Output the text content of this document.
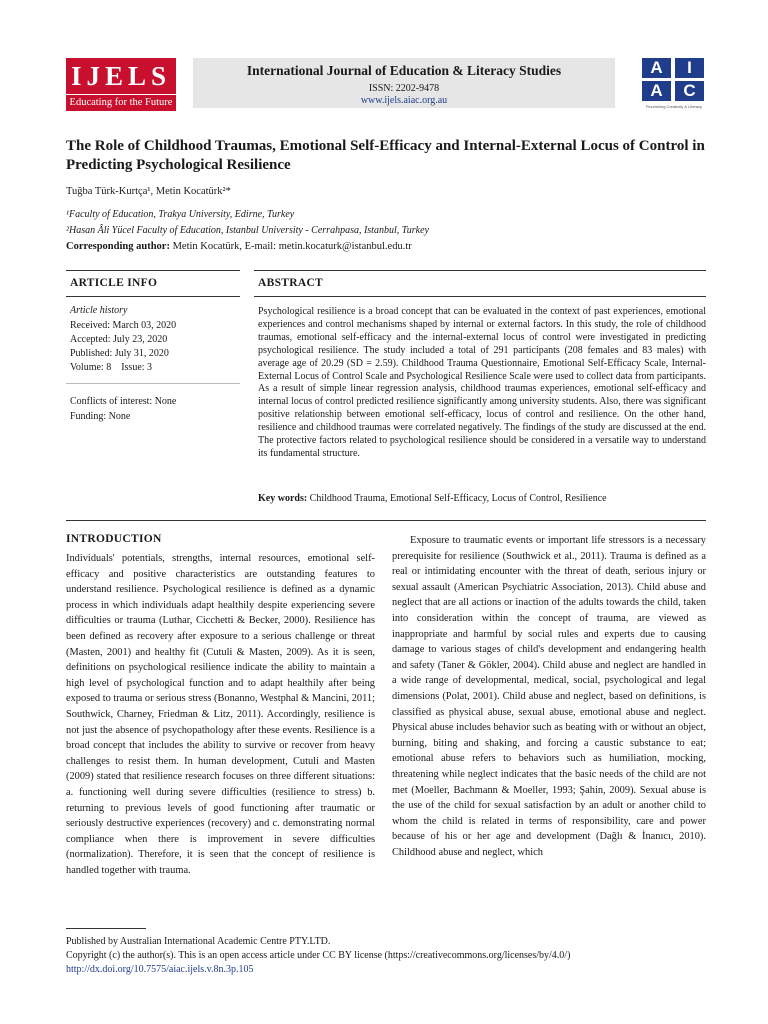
IJELS
Educating for the Future
International Journal of Education & Literacy Studies
ISSN: 2202-9478
www.ijels.aiac.org.au
A	I
A	C
Flourishing Creativity & Literacy
The Role of Childhood Traumas, Emotional Self-Efficacy and Internal-External Locus of Control in Predicting Psychological Resilience
Tuğba Türk-Kurtça¹, Metin Kocatürk²*
¹Faculty of Education, Trakya University, Edirne, Turkey
²Hasan Âli Yücel Faculty of Education, Istanbul University - Cerrahpasa, Istanbul, Turkey
Corresponding author: Metin Kocatürk, E-mail: metin.kocaturk@istanbul.edu.tr
ARTICLE INFO
Article history
Received: March 03, 2020
Accepted: July 23, 2020
Published: July 31, 2020
Volume: 8    Issue: 3
Conflicts of interest: None
Funding: None
ABSTRACT
Psychological resilience is a broad concept that can be evaluated in the context of past experiences, emotional experiences and control mechanisms shaped by internal or external factors. In this study, the role of childhood traumas, emotional self-efficacy and the internal-external locus of control were investigated in predicting psychological resilience. The study included a total of 291 participants (208 females and 83 males) with average age of 20.29 (SD = 2.59). Childhood Trauma Questionnaire, Emotional Self-Efficacy Scale, Internal-External Locus of Control Scale and Psychological Resilience Scale were used to collect data from participants. As a result of simple linear regression analysis, childhood traumas experiences, emotional self-efficacy and internal locus of control predicted resilience significantly among university students. Also, there was significant positive relationship between emotional self-efficacy, locus of control and resilience. On the other hand, resilience and childhood traumas were correlated negatively. The findings of the study are discussed at the end. The protective factors related to psychological resilience should be considered in a versatile way to understand its fundamental structure.
Key words: Childhood Trauma, Emotional Self-Efficacy, Locus of Control, Resilience
INTRODUCTION
Individuals' potentials, strengths, internal resources, emotional self-efficacy and positive characteristics are outstanding features to understand resilience. Psychological resilience is defined as a dynamic process in which individuals adapt healthily despite experiencing severe difficulties or trauma (Luthar, Cicchetti & Becker, 2000). Resilience has been defined as recovery after exposure to a serious challenge or threat (Masten, 2001) and healthy fit (Cutuli & Masten, 2009). As it is seen, definitions on psychological resilience indicate the ability to maintain a high level of psychological function and to adapt healthily after being exposed to trauma or serious stress (Bonanno, Westphal & Mancini, 2011; Southwick, Charney, Friedman & Litz, 2011). Accordingly, resilience is not just the absence of psychopathology after these events. Resilience is a broad concept that includes the ability to survive or recover from heavy challenges to resist them. In human development, Cutuli and Masten (2009) stated that resilience research focuses on three different situations: a. functioning well during severe difficulties (resilience to stress) b. returning to previous levels of good functioning after traumatic or seriously destructive experiences (recovery) and c. demonstrating normal compliance when there is improvement in severe difficulties (normalization). Therefore, it is seen that the concept of resilience is handled together with trauma.
Exposure to traumatic events or important life stressors is a necessary prerequisite for resilience (Southwick et al., 2011). Trauma is defined as a real or intimidating encounter with the threat of death, serious injury or sexual assault (American Psychiatric Association, 2013). Child abuse and neglect that are all actions or inaction of the adults towards the child, taken into consideration within the concept of trauma, are viewed as inappropriate and harmful by social rules and experts due to causing damage to various stages of child's development and endangering health and safety (Taner & Gökler, 2004). Child abuse and neglect are handled in a wide range of developmental, medical, social, psychological and legal dimensions (Polat, 2001). Child abuse and neglect, based on definitions, is classified as physical abuse, sexual abuse, emotional abuse and neglect. Physical abuse includes behavior such as beating with or without an object, burning, biting and shaking, and forcing a caustic substance to eat; emotional abuse refers to behaviors such as humiliation, mocking, threatening while neglect indicates that the basic needs of the child are not met (Moeller, Bachmann & Moeller, 1993; Şahin, 2009). Sexual abuse is the use of the child for sexual satisfaction by an adult or another child to whom the child is related in terms of responsibility, care and power because of his or her age and development (Dağlı & İnanıcı, 2010). Childhood abuse and neglect, which
Published by Australian International Academic Centre PTY.LTD.
Copyright (c) the author(s). This is an open access article under CC BY license (https://creativecommons.org/licenses/by/4.0/)
http://dx.doi.org/10.7575/aiac.ijels.v.8n.3p.105
